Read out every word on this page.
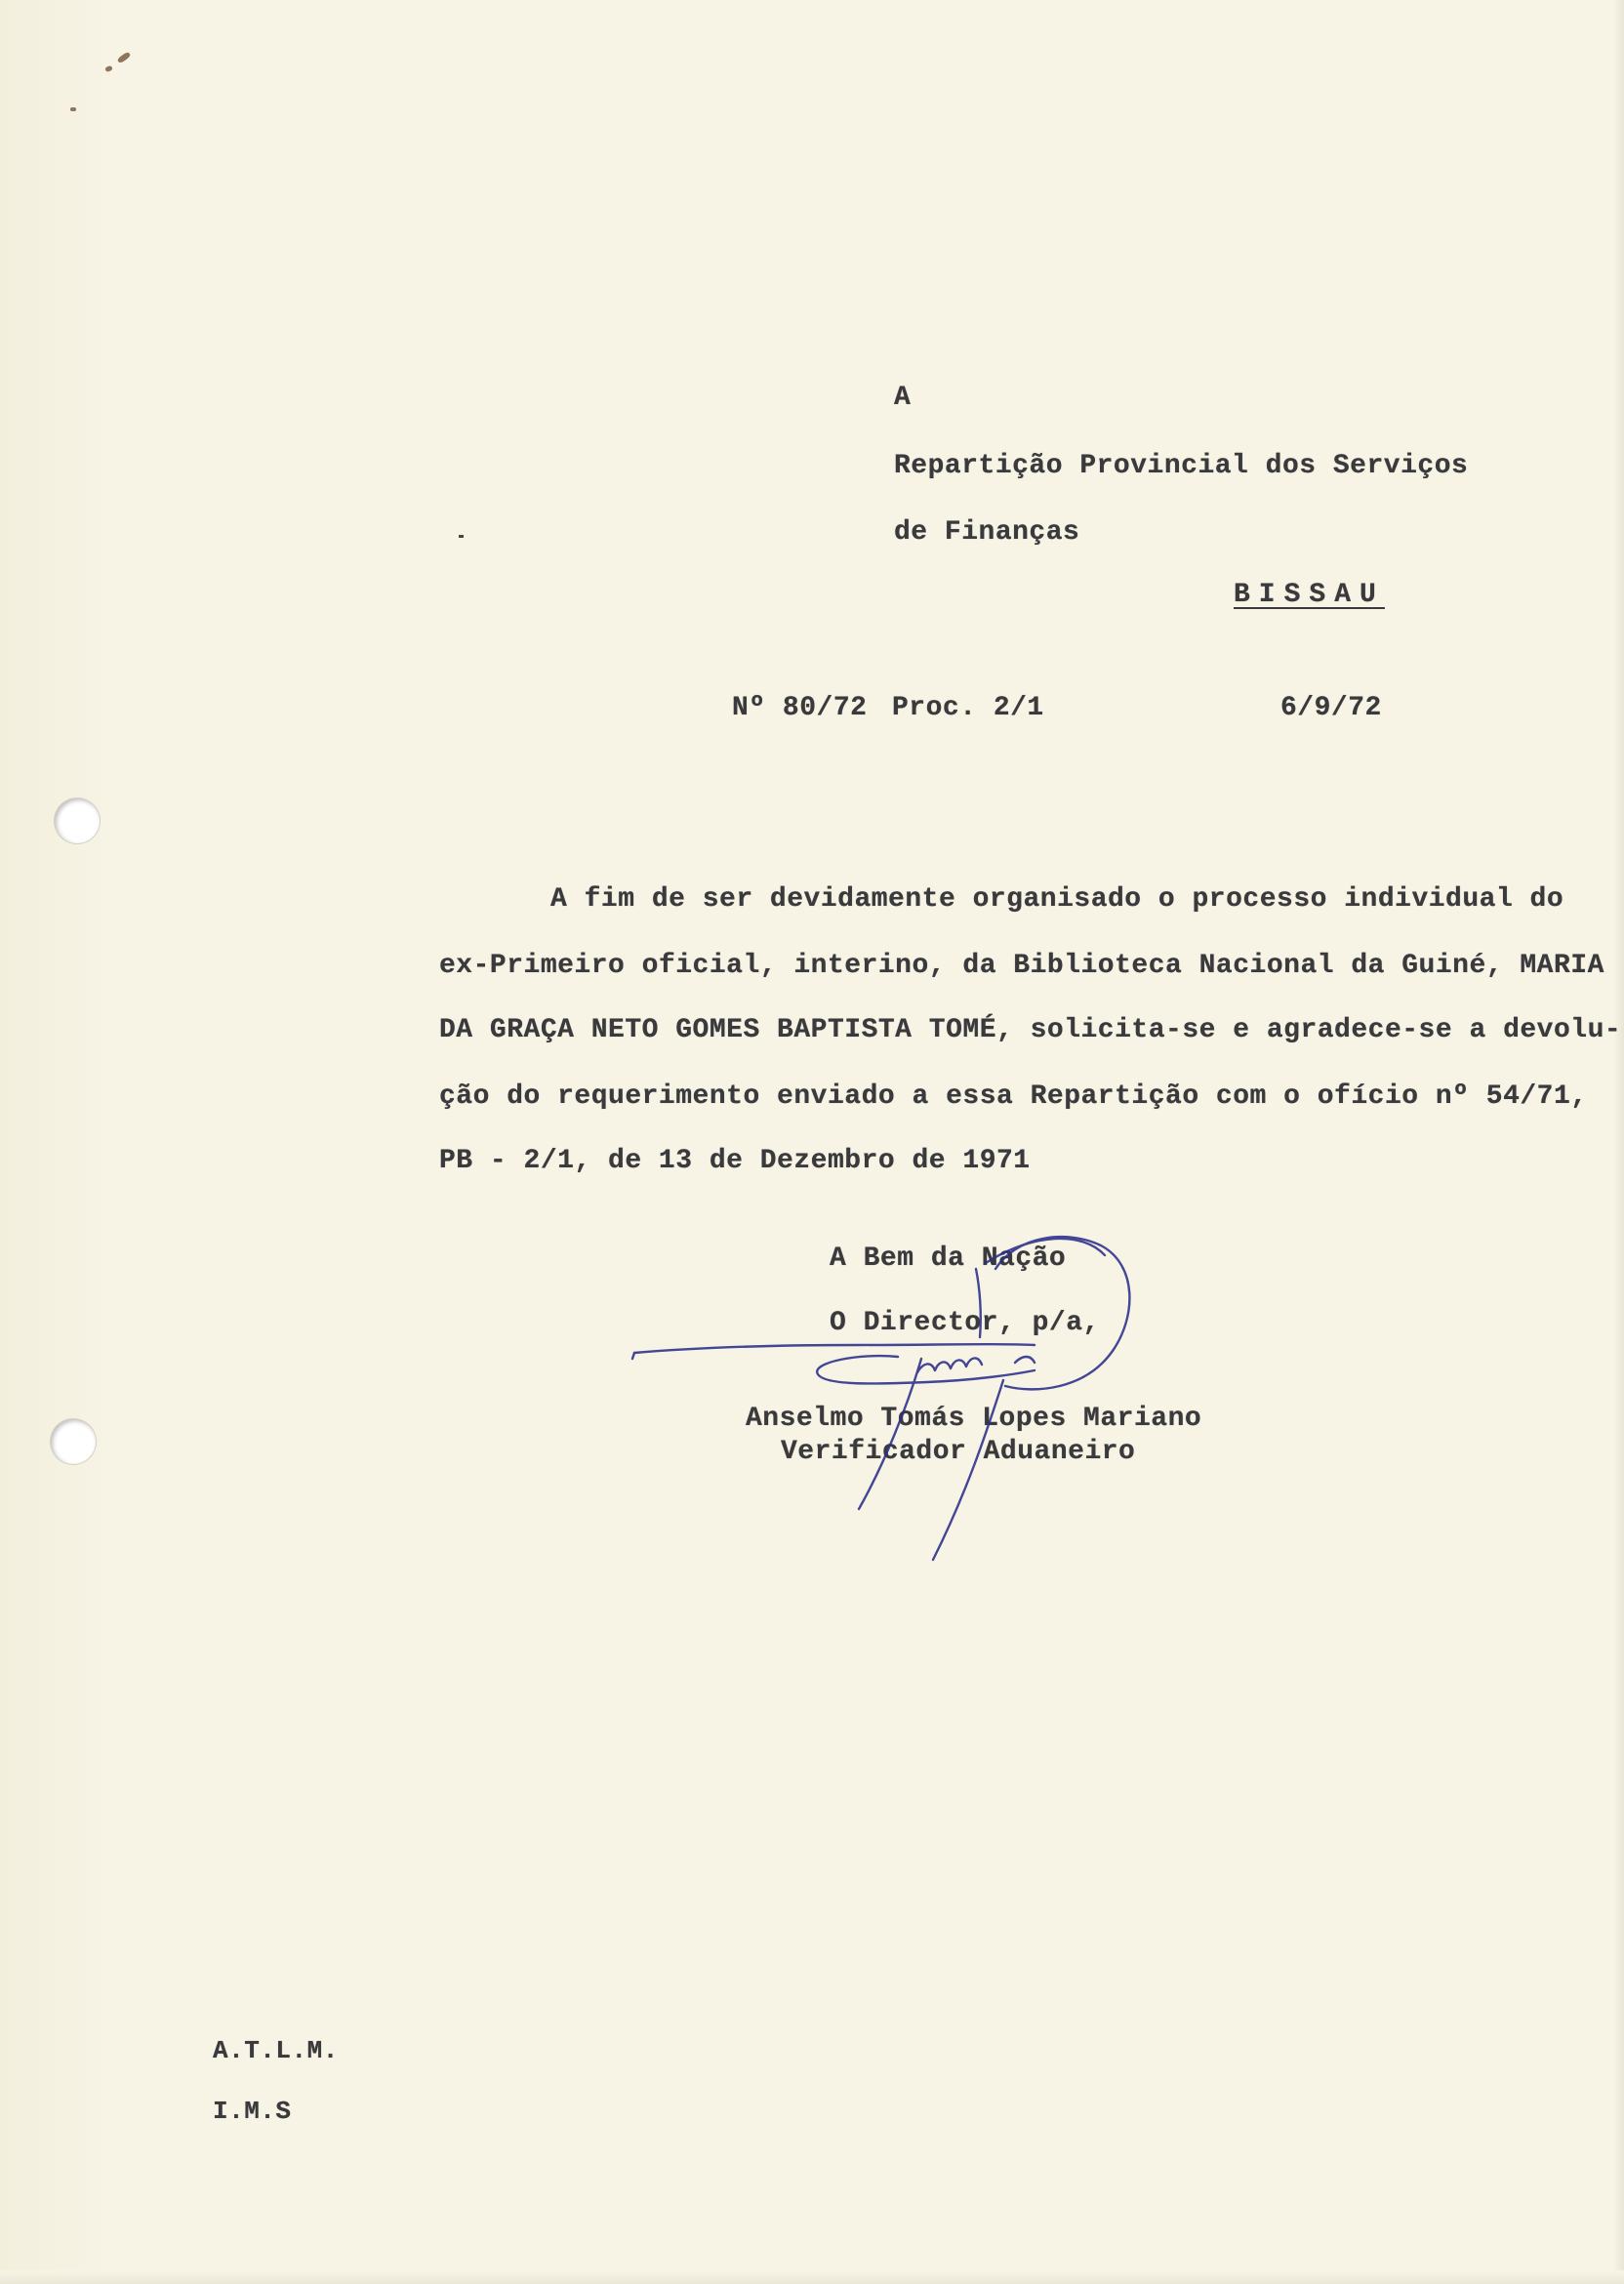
A
Repartição Provincial dos Serviços
de Finanças
BISSAU
Nº 80/72 Proc. 2/1	6/9/72
A fim de ser devidamente organisado o processo individual do
ex-Primeiro oficial, interino, da Biblioteca Nacional da Guiné, MARIA
DA GRAÇA NETO GOMES BAPTISTA TOMÉ, solicita-se e agradece-se a devolu-
ção do requerimento enviado a essa Repartição com o ofício nº 54/71,
PB - 2/1, de 13 de Dezembro de 1971
A Bem da Nação
O Director, p/a,
Anselmo Tomás Lopes Mariano
Verificador Aduaneiro
A.T.L.M.
I.M.S
